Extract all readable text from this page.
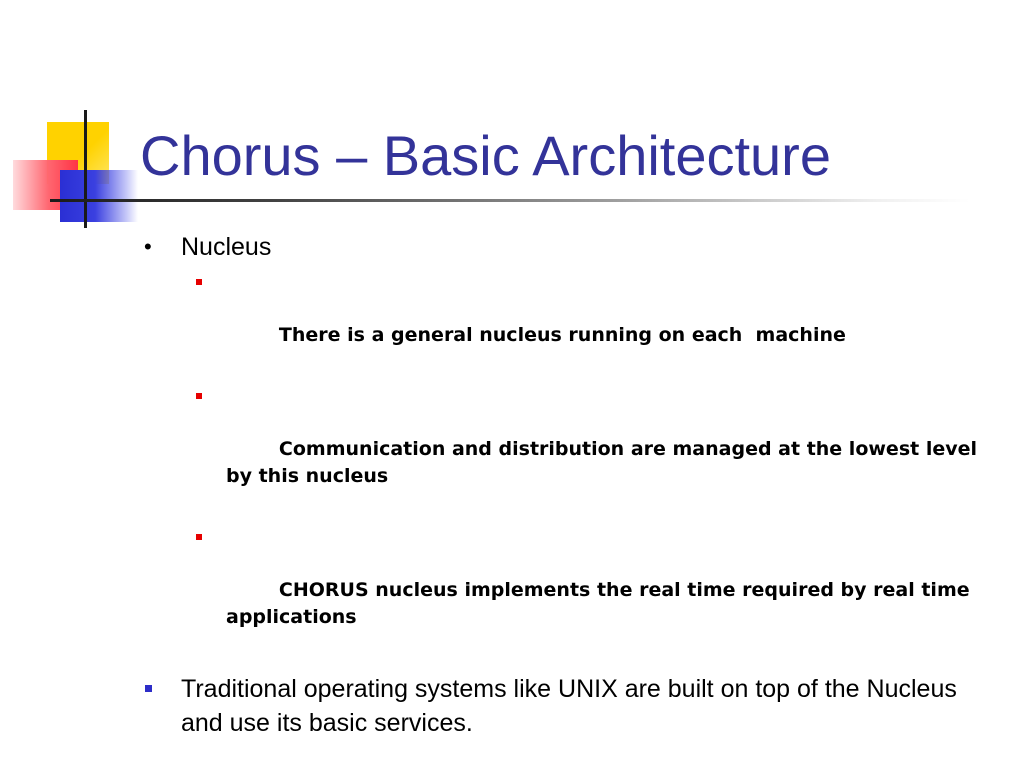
Chorus – Basic Architecture
• Nucleus

There is a general nucleus running on each  machine

Communication and distribution are managed at the lowest level by this nucleus

CHORUS nucleus implements the real time required by real time applications

Traditional operating systems like UNIX are built on top of the Nucleus and use its basic services.
